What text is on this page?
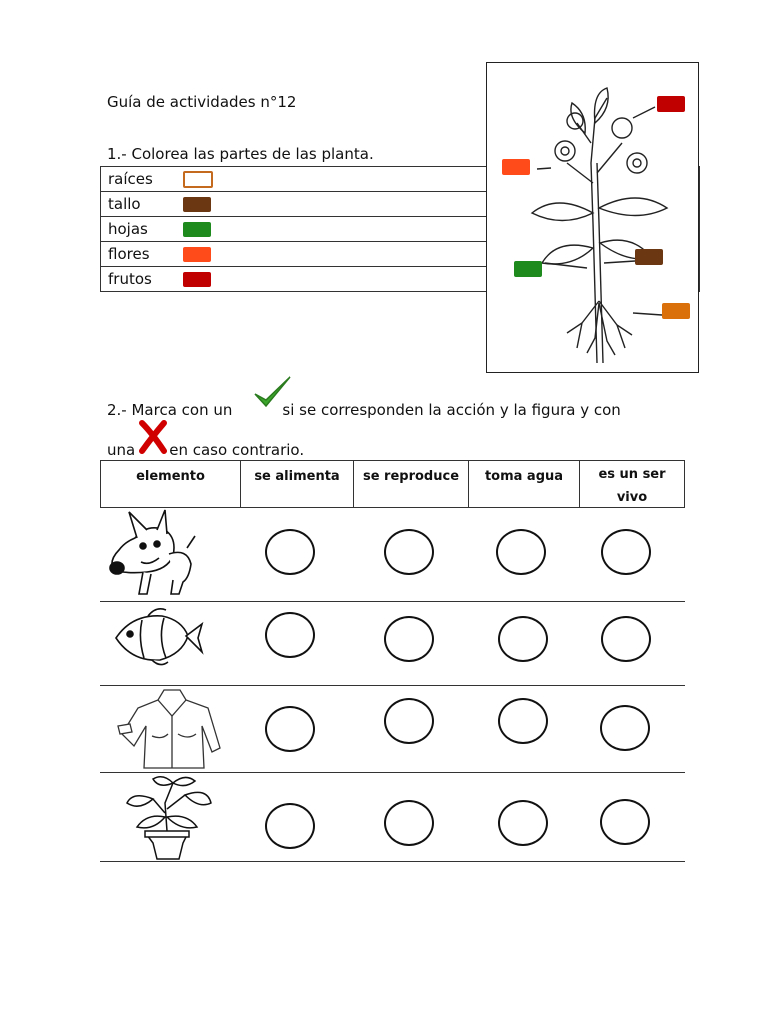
Guía de actividades n°12
1.- Colorea las partes de las planta.
raíces	
tallo	
hojas	
flores	
frutos	
2.- Marca con un	si se corresponden la acción y la figura y con
una en caso contrario.
elemento	se alimenta	se reproduce	toma agua	es un ser vivo
